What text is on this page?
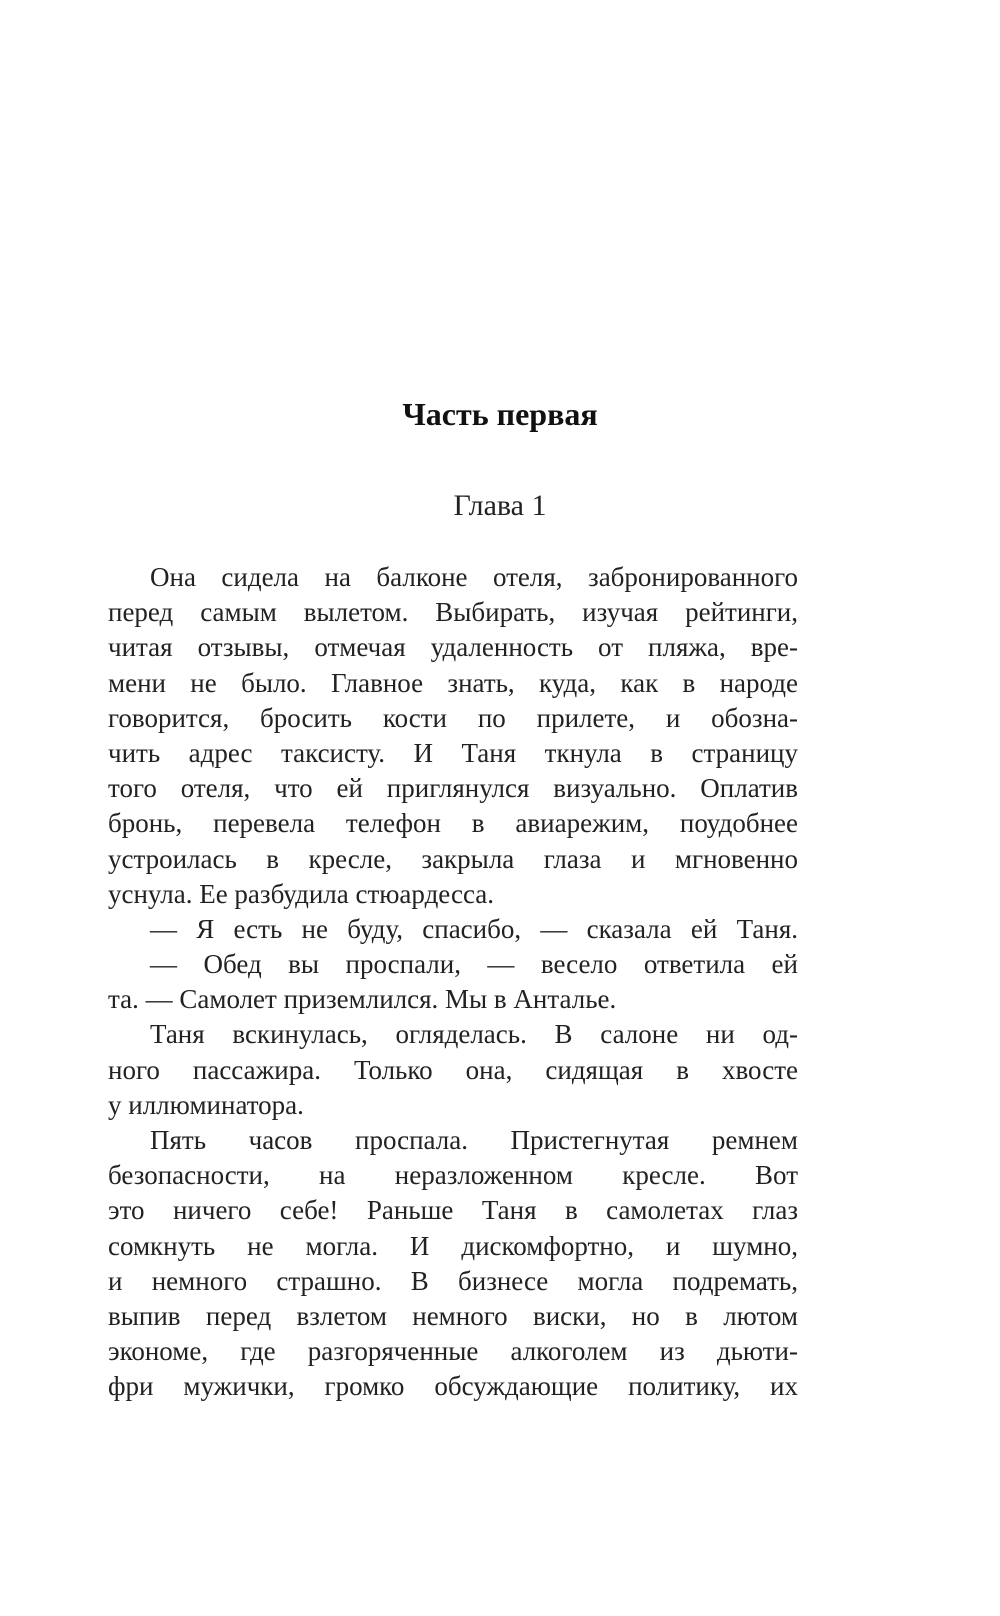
Часть первая
Глава 1
Она сидела на балконе отеля, забронированного
перед самым вылетом. Выбирать, изучая рейтинги,
читая отзывы, отмечая удаленность от пляжа, вре-
мени не было. Главное знать, куда, как в народе
говорится, бросить кости по прилете, и обозна-
чить адрес таксисту. И Таня ткнула в страницу
того отеля, что ей приглянулся визуально. Оплатив
бронь, перевела телефон в авиарежим, поудобнее
устроилась в кресле, закрыла глаза и мгновенно
уснула. Ее разбудила стюардесса.
— Я есть не буду, спасибо, — сказала ей Таня.
— Обед вы проспали, — весело ответила ей
та. — Самолет приземлился. Мы в Анталье.
Таня вскинулась, огляделась. В салоне ни од-
ного пассажира. Только она, сидящая в хвосте
у иллюминатора.
Пять часов проспала. Пристегнутая ремнем
безопасности, на неразложенном кресле. Вот
это ничего себе! Раньше Таня в самолетах глаз
сомкнуть не могла. И дискомфортно, и шумно,
и немного страшно. В бизнесе могла подремать,
выпив перед взлетом немного виски, но в лютом
экономе, где разгоряченные алкоголем из дьюти-
фри мужички, громко обсуждающие политику, их
